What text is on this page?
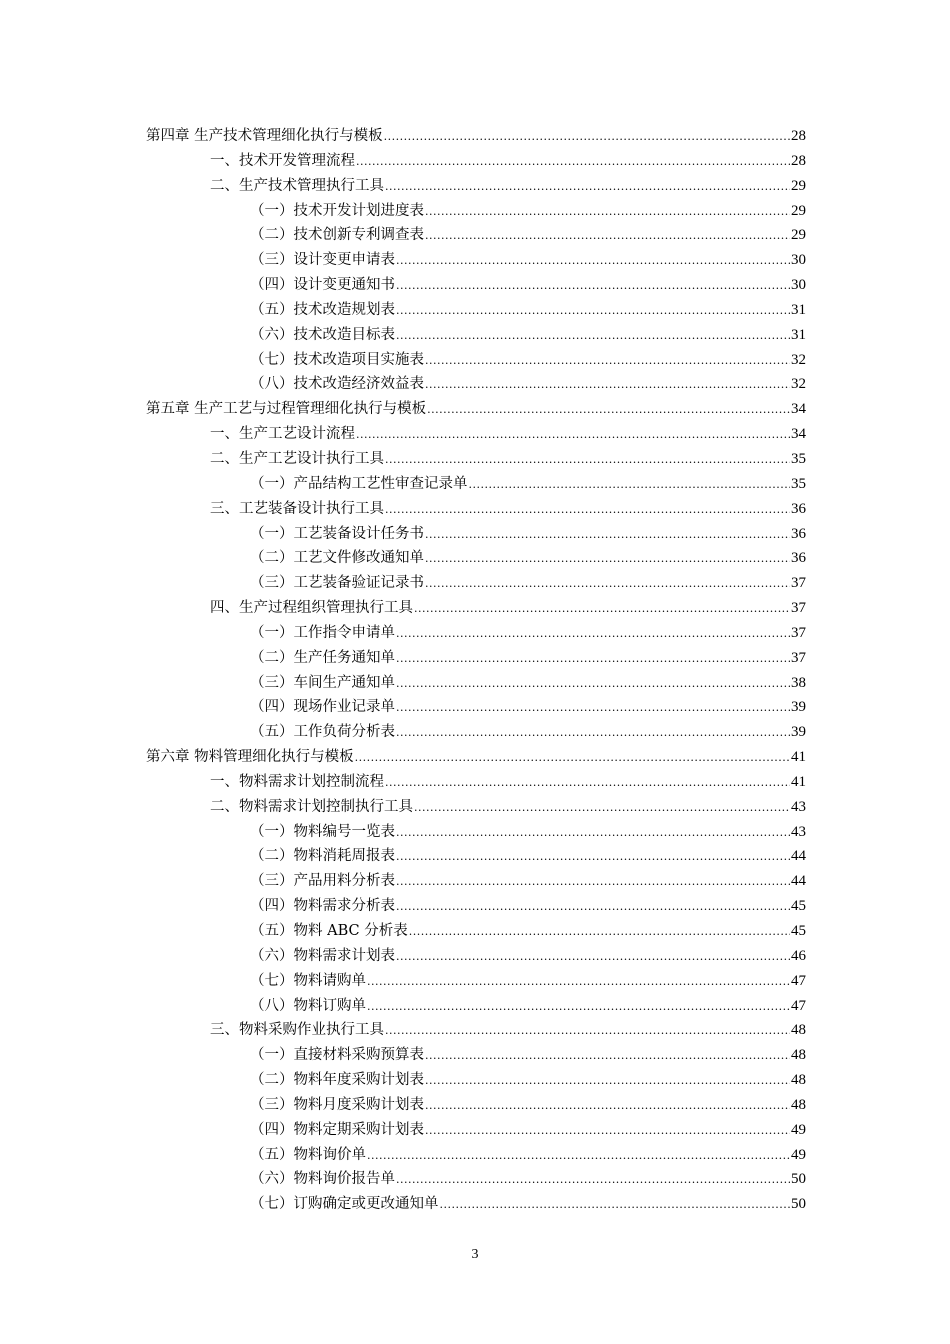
第四章 生产技术管理细化执行与模板 .....	28
一、技术开发管理流程 .....	28
二、生产技术管理执行工具 .....	29
（一）技术开发计划进度表 .....	29
（二）技术创新专利调查表 .....	29
（三）设计变更申请表 .....	30
（四）设计变更通知书 .....	30
（五）技术改造规划表 .....	31
（六）技术改造目标表 .....	31
（七）技术改造项目实施表 .....	32
（八）技术改造经济效益表 .....	32
第五章 生产工艺与过程管理细化执行与模板 .....	34
一、生产工艺设计流程 .....	34
二、生产工艺设计执行工具 .....	35
（一）产品结构工艺性审查记录单 .....	35
三、工艺装备设计执行工具 .....	36
（一）工艺装备设计任务书 .....	36
（二）工艺文件修改通知单 .....	36
（三）工艺装备验证记录书 .....	37
四、生产过程组织管理执行工具 .....	37
（一）工作指令申请单 .....	37
（二）生产任务通知单 .....	37
（三）车间生产通知单 .....	38
（四）现场作业记录单 .....	39
（五）工作负荷分析表 .....	39
第六章 物料管理细化执行与模板 .....	41
一、物料需求计划控制流程 .....	41
二、物料需求计划控制执行工具 .....	43
（一）物料编号一览表 .....	43
（二）物料消耗周报表 .....	44
（三）产品用料分析表 .....	44
（四）物料需求分析表 .....	45
（五）物料 ABC 分析表 .....	45
（六）物料需求计划表 .....	46
（七）物料请购单 .....	47
（八）物料订购单 .....	47
三、物料采购作业执行工具 .....	48
（一）直接材料采购预算表 .....	48
（二）物料年度采购计划表 .....	48
（三）物料月度采购计划表 .....	48
（四）物料定期采购计划表 .....	49
（五）物料询价单 .....	49
（六）物料询价报告单 .....	50
（七）订购确定或更改通知单 .....	50
3
